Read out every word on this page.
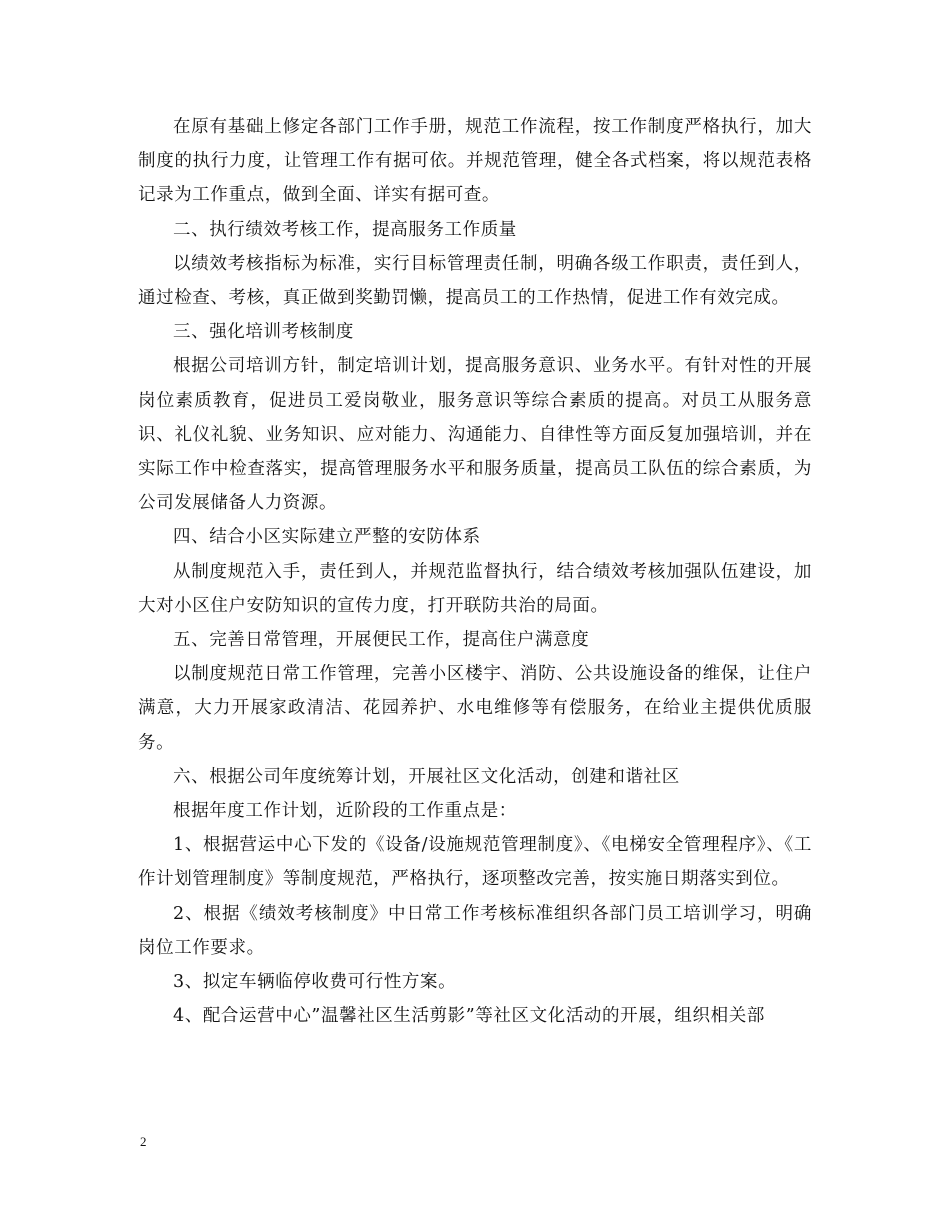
在原有基础上修定各部门工作手册，规范工作流程，按工作制度严格执行，加大制度的执行力度，让管理工作有据可依。并规范管理，健全各式档案，将以规范表格记录为工作重点，做到全面、详实有据可查。

二、执行绩效考核工作，提高服务工作质量

以绩效考核指标为标准，实行目标管理责任制，明确各级工作职责，责任到人，通过检查、考核，真正做到奖勤罚懒，提高员工的工作热情，促进工作有效完成。

三、强化培训考核制度

根据公司培训方针，制定培训计划，提高服务意识、业务水平。有针对性的开展岗位素质教育，促进员工爱岗敬业，服务意识等综合素质的提高。对员工从服务意识、礼仪礼貌、业务知识、应对能力、沟通能力、自律性等方面反复加强培训，并在实际工作中检查落实，提高管理服务水平和服务质量，提高员工队伍的综合素质，为公司发展储备人力资源。

四、结合小区实际建立严整的安防体系

从制度规范入手，责任到人，并规范监督执行，结合绩效考核加强队伍建设，加大对小区住户安防知识的宣传力度，打开联防共治的局面。

五、完善日常管理，开展便民工作，提高住户满意度

以制度规范日常工作管理，完善小区楼宇、消防、公共设施设备的维保，让住户满意，大力开展家政清洁、花园养护、水电维修等有偿服务，在给业主提供优质服务。

六、根据公司年度统筹计划，开展社区文化活动，创建和谐社区

根据年度工作计划，近阶段的工作重点是：

1、根据营运中心下发的《设备/设施规范管理制度》、《电梯安全管理程序》、《工作计划管理制度》等制度规范，严格执行，逐项整改完善，按实施日期落实到位。

2、根据《绩效考核制度》中日常工作考核标准组织各部门员工培训学习，明确岗位工作要求。

3、拟定车辆临停收费可行性方案。

4、配合运营中心”温馨社区生活剪影”等社区文化活动的开展，组织相关部

2
